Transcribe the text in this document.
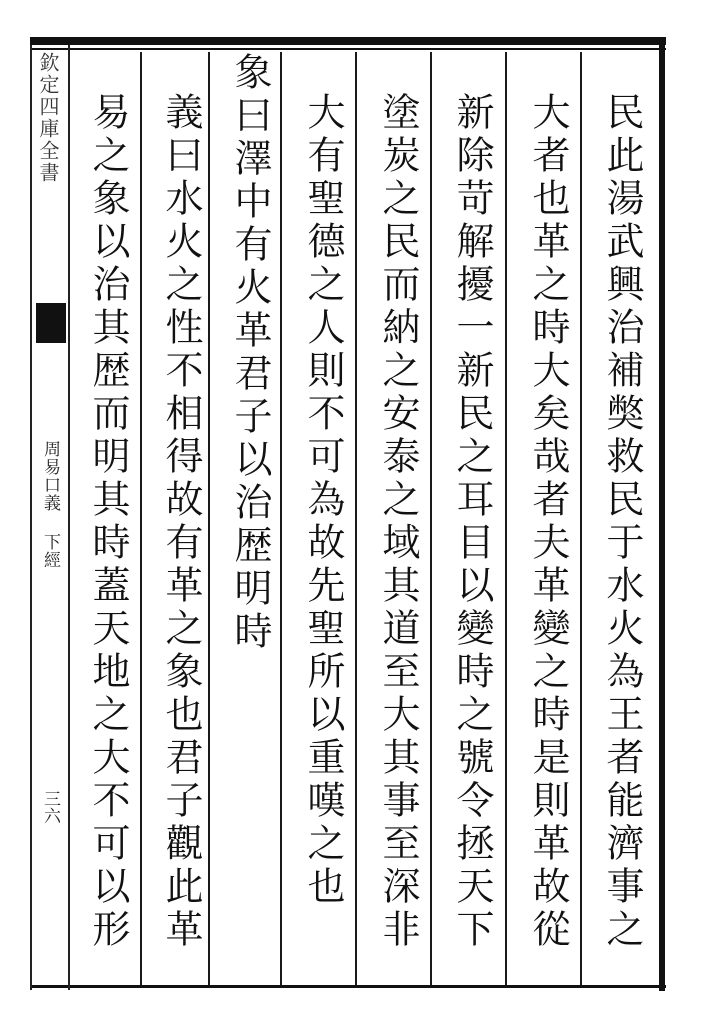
欽定四庫全書
周易口義 下經
三六	民此湯武興治補獘救民于水火為王者能濟事之
大者也革之時大矣哉者夫革變之時是則革故從
新除苛解擾一新民之耳目以變時之號令拯天下
塗炭之民而納之安泰之域其道至大其事至深非
大有聖德之人則不可為故先聖所以重嘆之也
象曰澤中有火革君子以治歴明時
義曰水火之性不相得故有革之象也君子觀此革
易之象以治其歴而明其時蓋天地之大不可以形
